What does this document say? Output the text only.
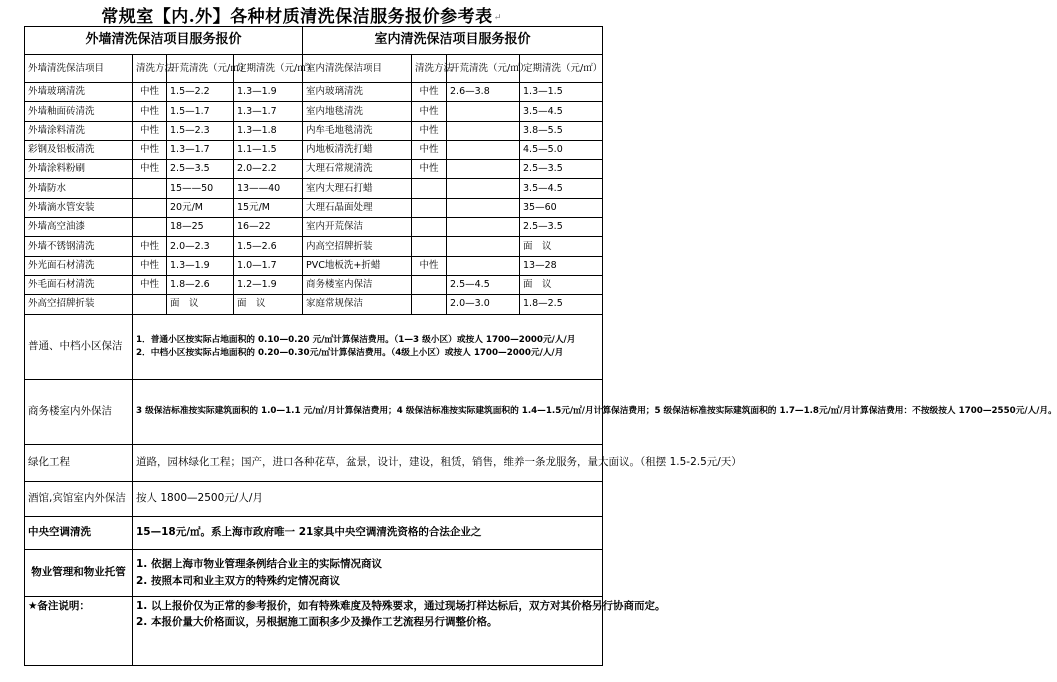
常规室【内.外】各种材质清洗保洁服务报价参考表↵
外墙清洗保洁项目服务报价				室内清洗保洁项目服务报价			
外墙清洗保洁项目	清洗方法	开荒清洗（元/㎡）	定期清洗（元/㎡）	室内清洗保洁项目	清洗方法	开荒清洗（元/㎡）	定期清洗（元/㎡）
外墙玻璃清洗	中性	1.5—2.2	1.3—1.9	室内玻璃清洗	中性	2.6—3.8	1.3—1.5
外墙釉面砖清洗	中性	1.5—1.7	1.3—1.7	室内地毯清洗	中性		3.5—4.5
外墙涂料清洗	中性	1.5—2.3	1.3—1.8	内牟毛地毯清洗	中性		3.8—5.5
彩钢及铝板清洗	中性	1.3—1.7	1.1—1.5	内地板清洗打蜡	中性		4.5—5.0
外墙涂料粉刷	中性	2.5—3.5	2.0—2.2	大理石常规清洗	中性		2.5—3.5
外墙防水		15——50	13——40	室内大理石打蜡			3.5—4.5
外墙滴水管安装		20元/M	15元/M	大理石晶面处理			35—60
外墙高空油漆		18—25	16—22	室内开荒保洁			2.5—3.5
外墙不锈钢清洗	中性	2.0—2.3	1.5—2.6	内高空招牌折装			面　议
外光面石材清洗	中性	1.3—1.9	1.0—1.7	PVC地板洗+折蜡	中性		13—28
外毛面石材清洗	中性	1.8—2.6	1.2—1.9	商务楼室内保洁		2.5—4.5	面　议
外高空招牌折装		面　议	面　议	家庭常规保洁		2.0—3.0	1.8—2.5
普通、中档小区保洁	1．普通小区按实际占地面积的 0.10—0.20 元/㎡计算保洁费用。（1—3 级小区）或按人 1700—2000元/人/月
2．中档小区按实际占地面积的 0.20—0.30元/㎡计算保洁费用。（4级上小区）或按人 1700—2000元/人/月						

商务楼室内外保洁	3 级保洁标准按实际建筑面积的 1.0—1.1 元/㎡/月计算保洁费用；4 级保洁标准按实际建筑面积的 1.4—1.5元/㎡/月计算保洁费用；5 级保洁标准按实际建筑面积的 1.7—1.8元/㎡/月计算保洁费用：不按级按人 1700—2550元/人/月。						
绿化工程	道路，园林绿化工程；国产，进口各种花草，盆景，设计，建设，租赁，销售，维养一条龙服务，量大面议。（租摆 1.5-2.5元/天）						
酒馆,宾馆室内外保洁	按人 1800—2500元/人/月						
中央空调清洗	15—18元/㎡。系上海市政府唯一 21家具中央空调清洗资格的合法企业之						
物业管理和物业托管	1. 依据上海市物业管理条例结合业主的实际情况商议
2. 按照本司和业主双方的特殊约定情况商议						

★备注说明：	1. 以上报价仅为正常的参考报价，如有特殊难度及特殊要求，通过现场打样达标后，双方对其价格另行协商而定。
2. 本报价量大价格面议，另根据施工面积多少及操作工艺流程另行调整价格。						
